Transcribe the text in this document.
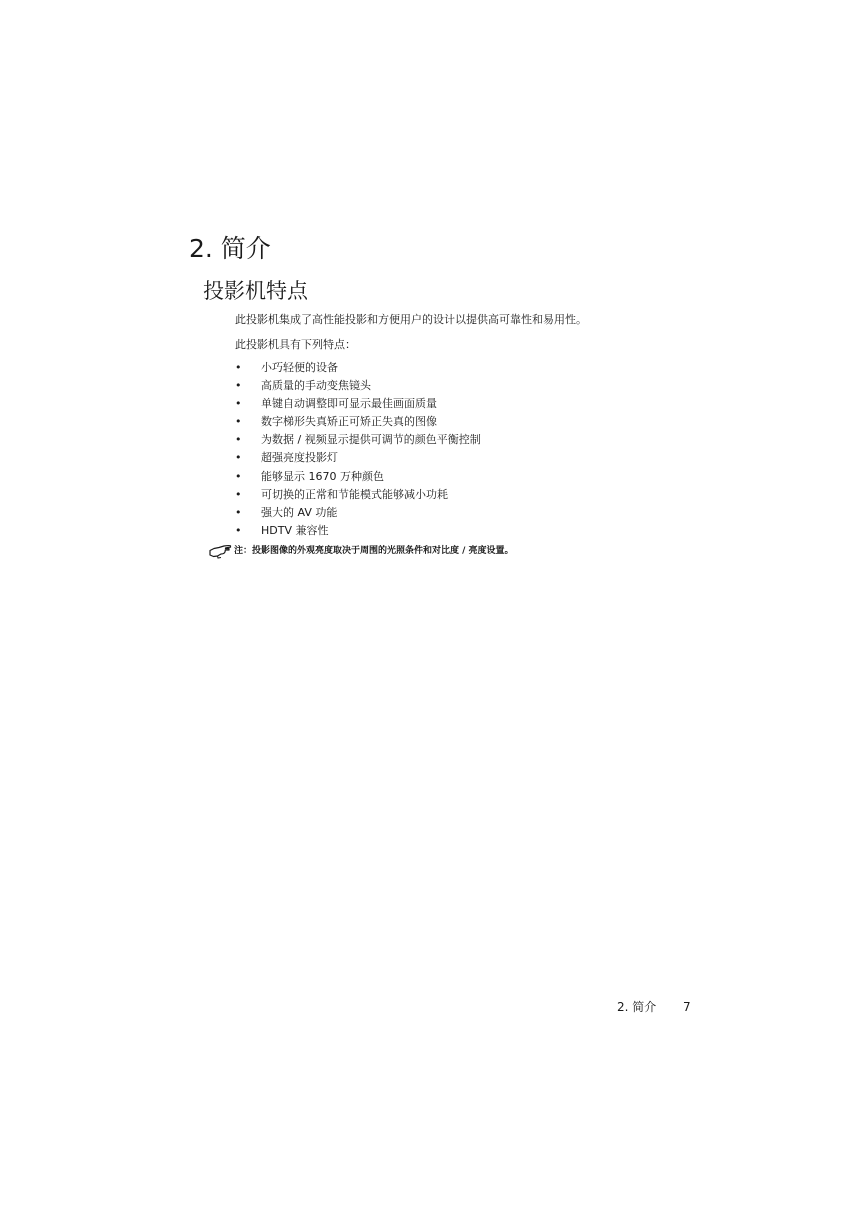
2. 简介
投影机特点

此投影机集成了高性能投影和方便用户的设计以提供高可靠性和易用性。

此投影机具有下列特点：

•	小巧轻便的设备
•	高质量的手动变焦镜头
•	单键自动调整即可显示最佳画面质量
•	数字梯形失真矫正可矫正失真的图像
•	为数据 / 视频显示提供可调节的颜色平衡控制
•	超强亮度投影灯
•	能够显示 1670 万种颜色
•	可切换的正常和节能模式能够减小功耗
•	强大的 AV 功能
•	HDTV 兼容性
注：投影图像的外观亮度取决于周围的光照条件和对比度 / 亮度设置。
2. 简介 7
